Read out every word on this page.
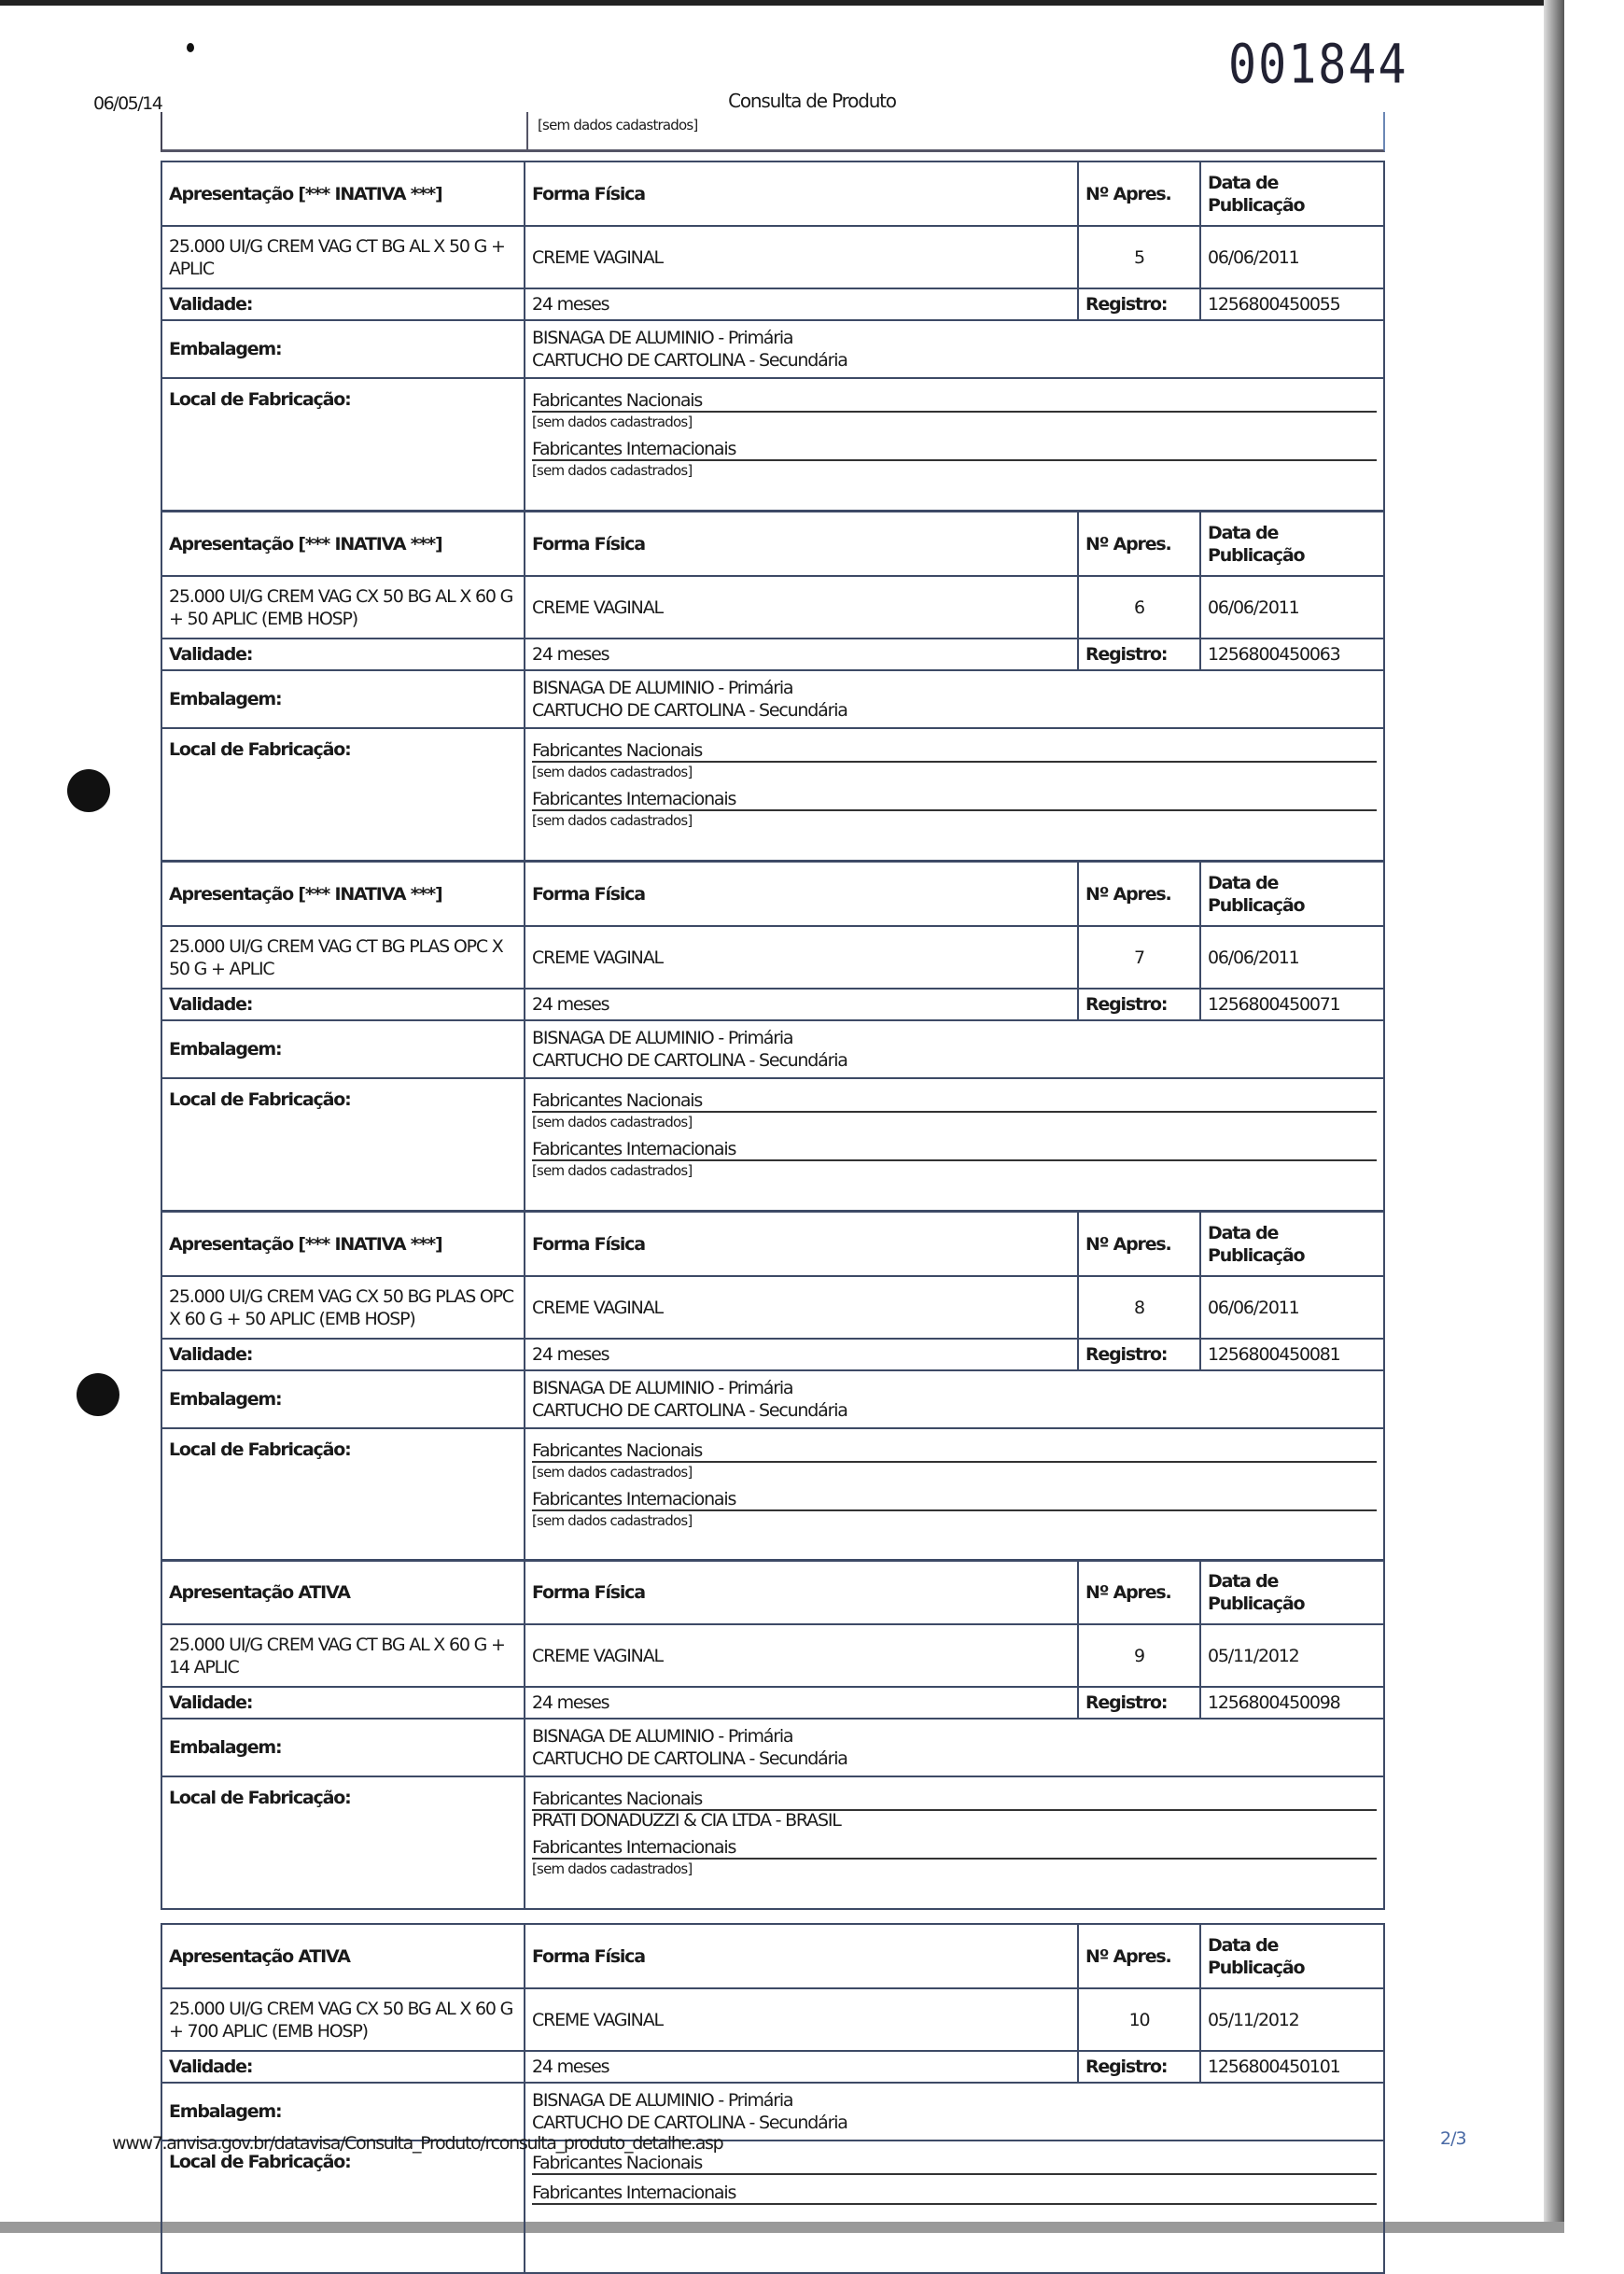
06/05/14	Consulta de Produto
001844
[sem dados cadastrados]
Apresentação [*** INATIVA ***]	Forma Física	Nº Apres.	Data de Publicação
25.000 UI/G CREM VAG CT BG AL X 50 G + APLIC	CREME VAGINAL	5	06/06/2011
Validade:	24 meses	Registro:	1256800450055
Embalagem:	BISNAGA DE ALUMINIO - Primária
CARTUCHO DE CARTOLINA - Secundária		

Local de Fabricação:	Fabricantes Nacionais
[sem dados cadastrados]
Fabricantes Internacionais
[sem dados cadastrados]		
Apresentação [*** INATIVA ***]	Forma Física	Nº Apres.	Data de Publicação
25.000 UI/G CREM VAG CX 50 BG AL X 60 G + 50 APLIC (EMB HOSP)	CREME VAGINAL	6	06/06/2011
Validade:	24 meses	Registro:	1256800450063
Embalagem:	BISNAGA DE ALUMINIO - Primária
CARTUCHO DE CARTOLINA - Secundária		

Local de Fabricação:	Fabricantes Nacionais
[sem dados cadastrados]
Fabricantes Internacionais
[sem dados cadastrados]		
Apresentação [*** INATIVA ***]	Forma Física	Nº Apres.	Data de Publicação
25.000 UI/G CREM VAG CT BG PLAS OPC X 50 G + APLIC	CREME VAGINAL	7	06/06/2011
Validade:	24 meses	Registro:	1256800450071
Embalagem:	BISNAGA DE ALUMINIO - Primária
CARTUCHO DE CARTOLINA - Secundária		

Local de Fabricação:	Fabricantes Nacionais
[sem dados cadastrados]
Fabricantes Internacionais
[sem dados cadastrados]		
Apresentação [*** INATIVA ***]	Forma Física	Nº Apres.	Data de Publicação
25.000 UI/G CREM VAG CX 50 BG PLAS OPC X 60 G + 50 APLIC (EMB HOSP)	CREME VAGINAL	8	06/06/2011
Validade:	24 meses	Registro:	1256800450081
Embalagem:	BISNAGA DE ALUMINIO - Primária
CARTUCHO DE CARTOLINA - Secundária		

Local de Fabricação:	Fabricantes Nacionais
[sem dados cadastrados]
Fabricantes Internacionais
[sem dados cadastrados]		
Apresentação ATIVA	Forma Física	Nº Apres.	Data de Publicação
25.000 UI/G CREM VAG CT BG AL X 60 G + 14 APLIC	CREME VAGINAL	9	05/11/2012
Validade:	24 meses	Registro:	1256800450098
Embalagem:	BISNAGA DE ALUMINIO - Primária
CARTUCHO DE CARTOLINA - Secundária		

Local de Fabricação:	Fabricantes Nacionais
PRATI DONADUZZI & CIA LTDA - BRASIL
Fabricantes Internacionais
[sem dados cadastrados]		
Apresentação ATIVA	Forma Física	Nº Apres.	Data de Publicação
25.000 UI/G CREM VAG CX 50 BG AL X 60 G + 700 APLIC (EMB HOSP)	CREME VAGINAL	10	05/11/2012
Validade:	24 meses	Registro:	1256800450101
Embalagem:	BISNAGA DE ALUMINIO - Primária
CARTUCHO DE CARTOLINA - Secundária		

Local de Fabricação:	Fabricantes Nacionais
Fabricantes Internacionais		
www7.anvisa.gov.br/datavisa/Consulta_Produto/rconsulta_produto_detalhe.asp	2/3
